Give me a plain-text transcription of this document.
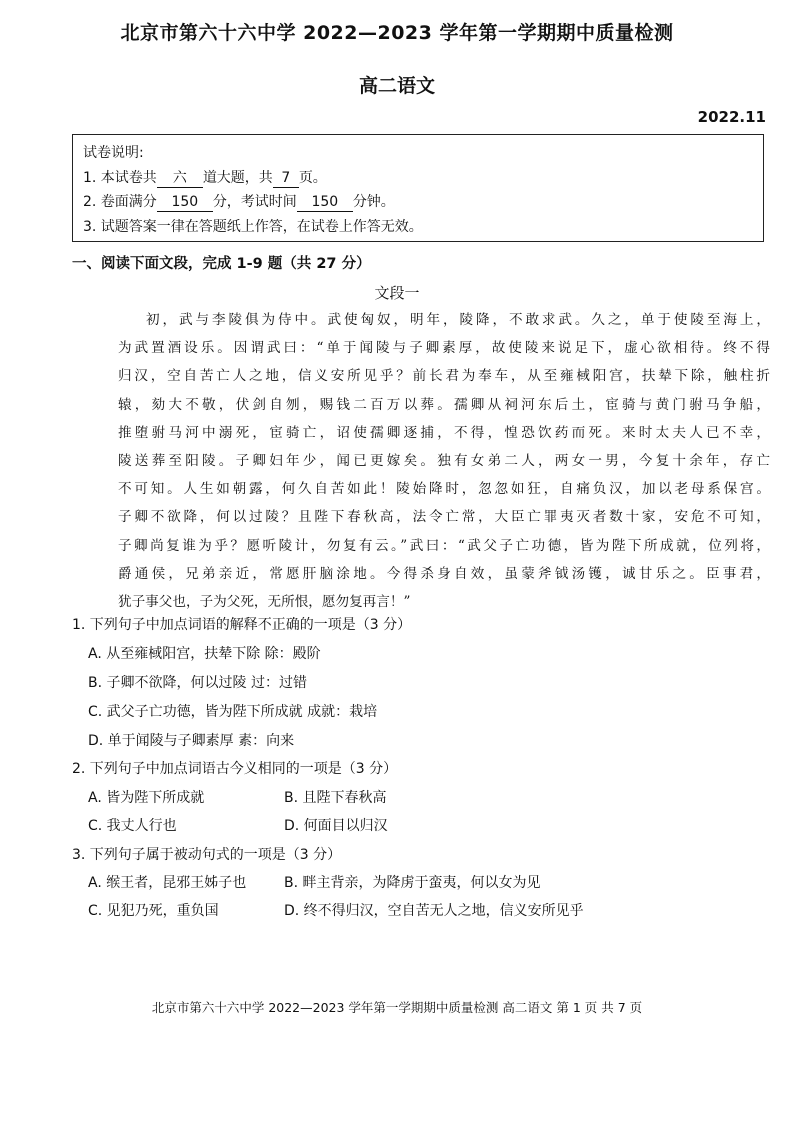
北京市第六十六中学 2022—2023 学年第一学期期中质量检测
高二语文
2022.11
试卷说明:
1. 本试卷共 六 道大题，共 7 页。
2. 卷面满分 150 分，考试时间 150 分钟。
3. 试题答案一律在答题纸上作答，在试卷上作答无效。
一、阅读下面文段，完成 1-9 题（共 27 分）
文段一
初，武与李陵俱为侍中。武使匈奴，明年，陵降，不敢求武。久之，单于使陵至海上，
为武置酒设乐。因谓武曰：“单于闻陵与子卿素厚，故使陵来说足下，虚心欲相待。终不得
归汉，空自苦亡人之地，信义安所见乎？前长君为奉车，从至雍棫阳宫，扶辇下除，触柱折
辕，劾大不敬，伏剑自刎，赐钱二百万以葬。孺卿从祠河东后土，宦骑与黄门驸马争船，
推堕驸马河中溺死，宦骑亡，诏使孺卿逐捕，不得，惶恐饮药而死。来时太夫人已不幸，
陵送葬至阳陵。子卿妇年少，闻已更嫁矣。独有女弟二人，两女一男，今复十余年，存亡
不可知。人生如朝露，何久自苦如此！陵始降时，忽忽如狂，自痛负汉，加以老母系保宫。
子卿不欲降，何以过陵？且陛下春秋高，法令亡常，大臣亡罪夷灭者数十家，安危不可知，
子卿尚复谁为乎？愿听陵计，勿复有云。”武曰：“武父子亡功德，皆为陛下所成就，位列将，
爵通侯，兄弟亲近，常愿肝脑涂地。今得杀身自效，虽蒙斧钺汤镬，诚甘乐之。臣事君，
犹子事父也，子为父死，无所恨，愿勿复再言！”
1. 下列句子中加点词语的解释不正确的一项是（3 分）
A. 从至雍棫阳宫，扶辇下除 除：殿阶
B. 子卿不欲降，何以过陵 过：过错
C. 武父子亡功德，皆为陛下所成就 成就：栽培
D. 单于闻陵与子卿素厚 素：向来
2. 下列句子中加点词语古今义相同的一项是（3 分）
A. 皆为陛下所成就	B. 且陛下春秋高
C. 我丈人行也	D. 何面目以归汉
3. 下列句子属于被动句式的一项是（3 分）
A. 缑王者，昆邪王姊子也	B. 畔主背亲，为降虏于蛮夷，何以女为见
C. 见犯乃死，重负国	D. 终不得归汉，空自苦无人之地，信义安所见乎
北京市第六十六中学 2022—2023 学年第一学期期中质量检测 高二语文 第 1 页 共 7 页
